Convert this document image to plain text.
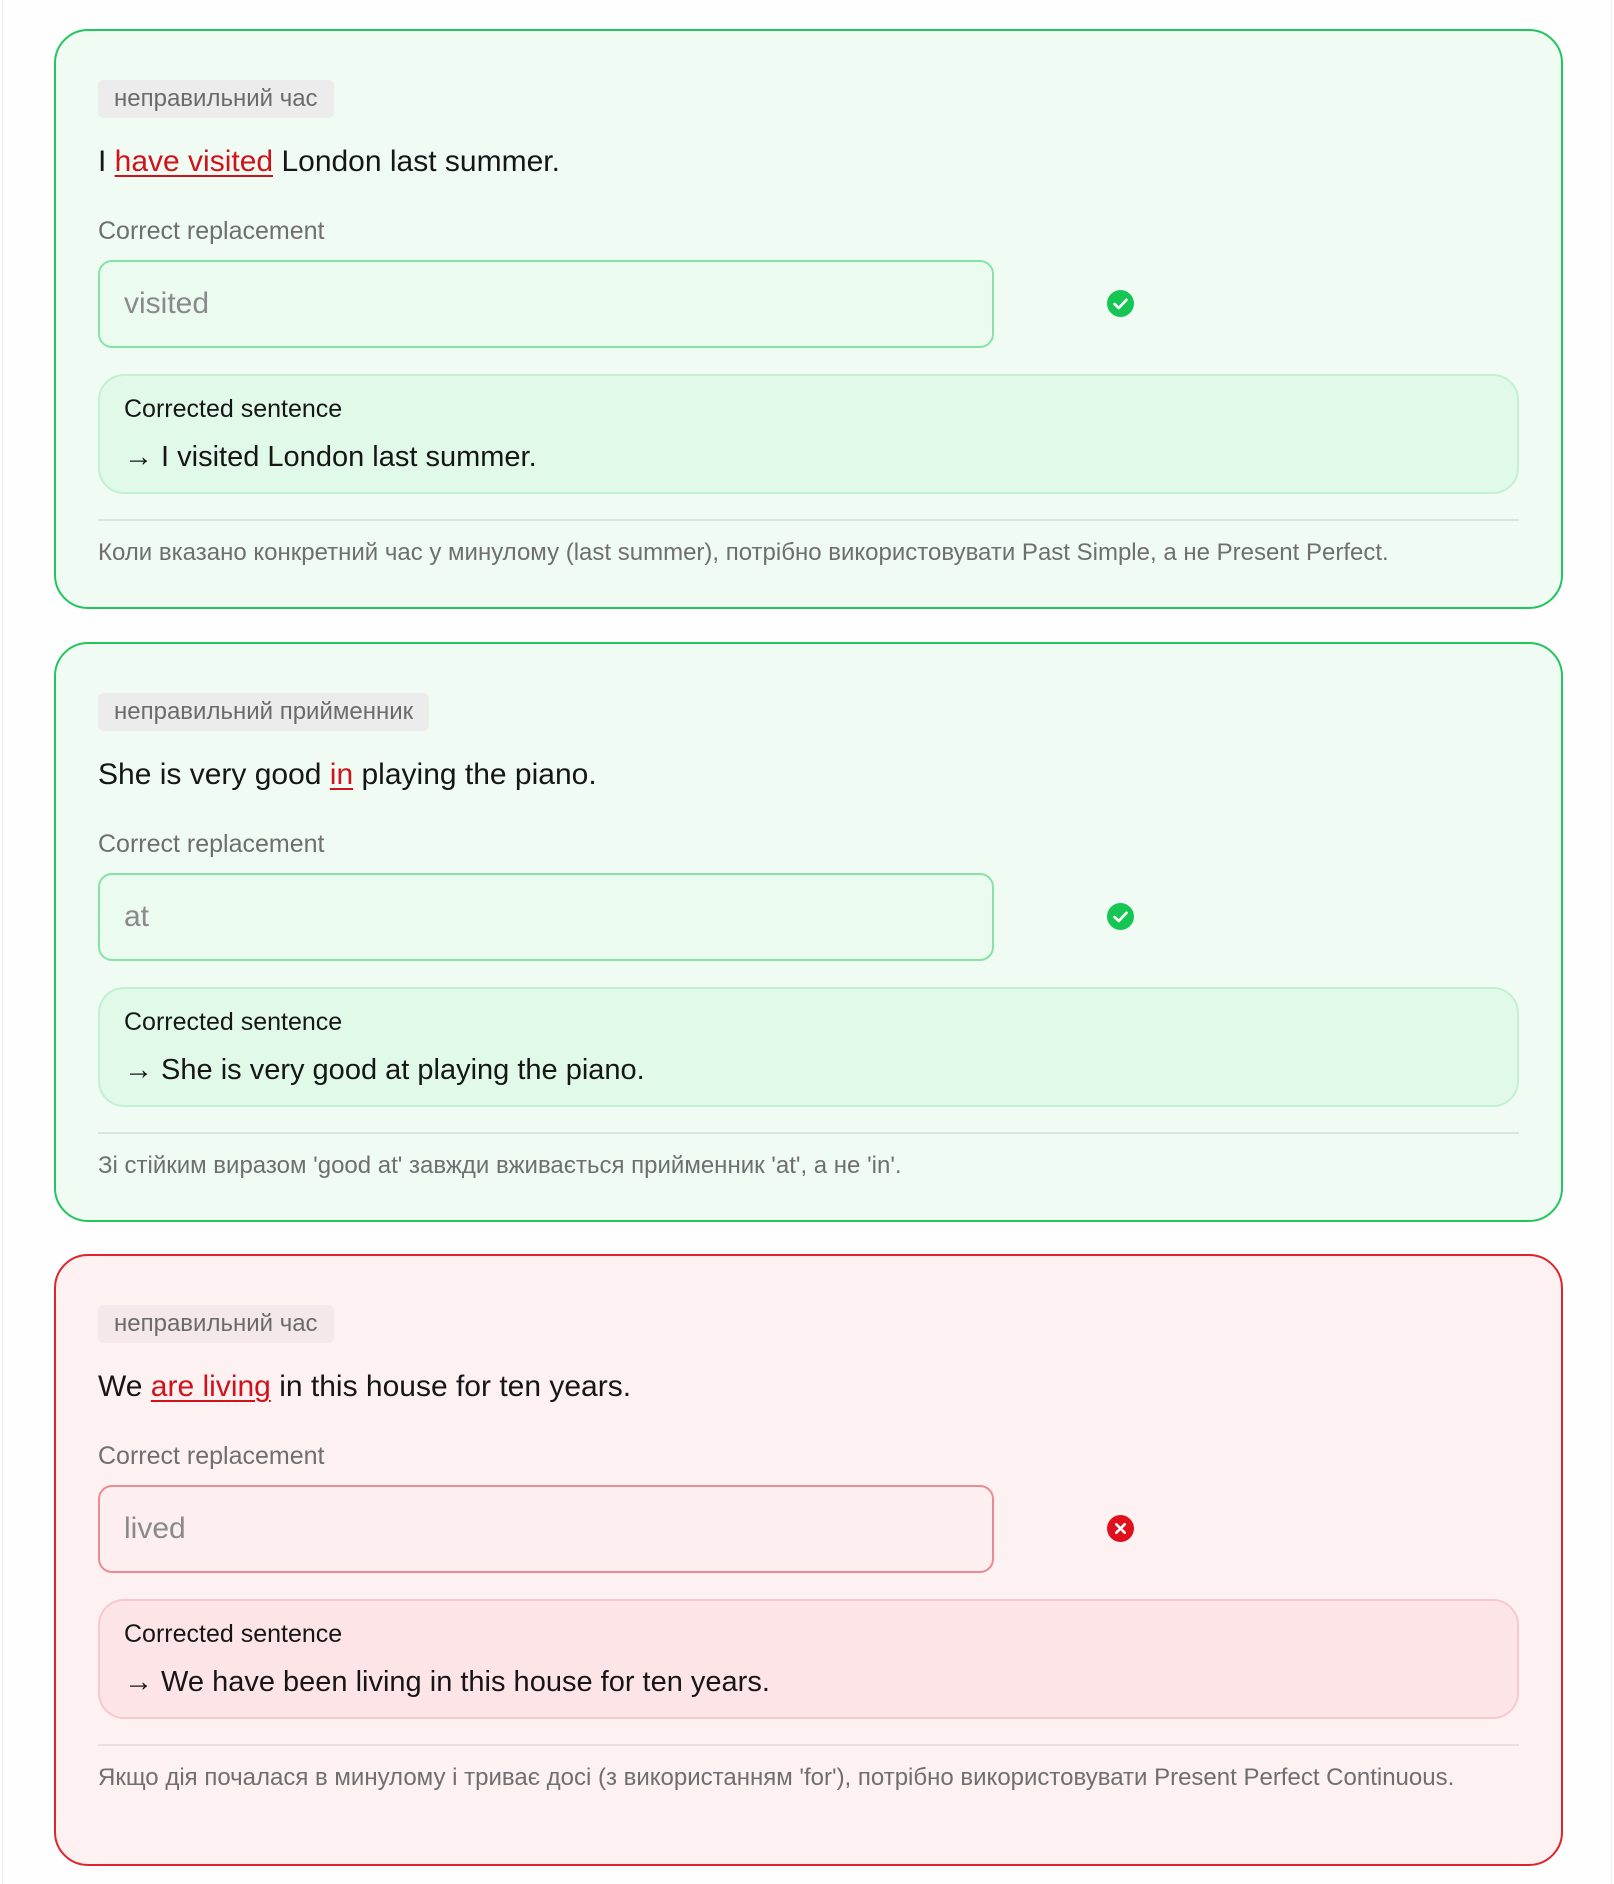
неправильний час
I have visited London last summer.
Correct replacement
visited
Corrected sentence
→ I visited London last summer.
Коли вказано конкретний час у минулому (last summer), потрібно використовувати Past Simple, а не Present Perfect.
неправильний прийменник
She is very good in playing the piano.
Correct replacement
at
Corrected sentence
→ She is very good at playing the piano.
Зі стійким виразом 'good at' завжди вживається прийменник 'at', а не 'in'.
неправильний час
We are living in this house for ten years.
Correct replacement
lived
Corrected sentence
→ We have been living in this house for ten years.
Якщо дія почалася в минулому і триває досі (з використанням 'for'), потрібно використовувати Present Perfect Continuous.
